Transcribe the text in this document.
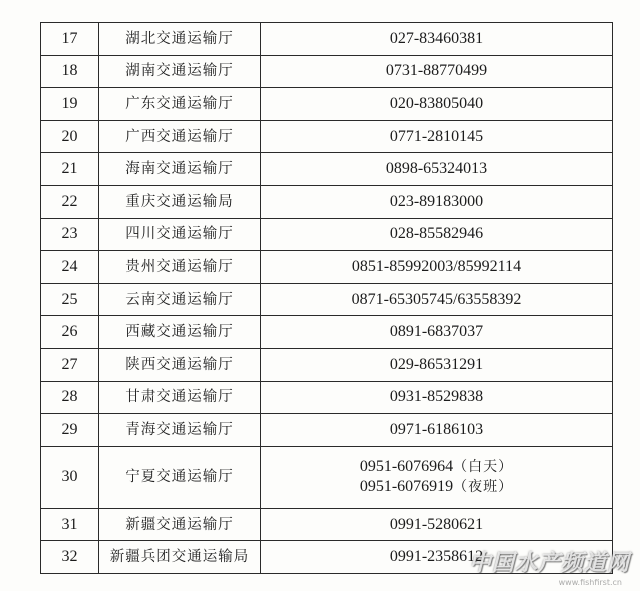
17	湖北交通运输厅	027-83460381
18	湖南交通运输厅	0731-88770499
19	广东交通运输厅	020-83805040
20	广西交通运输厅	0771-2810145
21	海南交通运输厅	0898-65324013
22	重庆交通运输局	023-89183000
23	四川交通运输厅	028-85582946
24	贵州交通运输厅	0851-85992003/85992114
25	云南交通运输厅	0871-65305745/63558392
26	西藏交通运输厅	0891-6837037
27	陕西交通运输厅	029-86531291
28	甘肃交通运输厅	0931-8529838
29	青海交通运输厅	0971-6186103
30	宁夏交通运输厅	0951-6076964（白天）
0951-6076919（夜班）

31	新疆交通运输厅	0991-5280621
32	新疆兵团交通运输局	0991-2358612
中国水产频道网
www.fishfirst.cn
